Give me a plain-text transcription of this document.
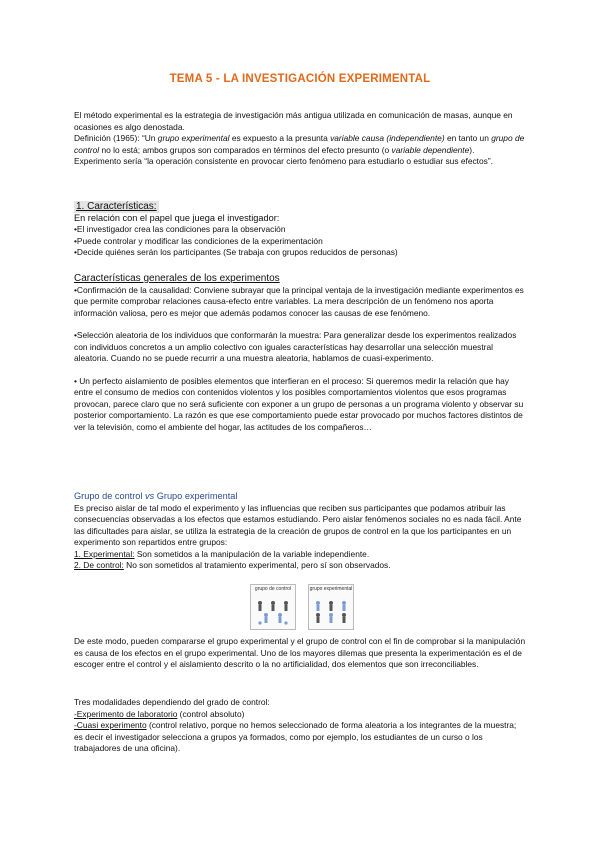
TEMA 5 - LA INVESTIGACIÓN EXPERIMENTAL

El método experimental es la estrategia de investigación más antigua utilizada en comunicación de masas, aunque en ocasiones es algo denostada.

Definición (1965): “Un grupo experimental es expuesto a la presunta variable causa (independiente) en tanto un grupo de control no lo está; ambos grupos son comparados en términos del efecto presunto (o variable dependiente).

Experimento sería “la operación consistente en provocar cierto fenómeno para estudiarlo o estudiar sus efectos”.

1. Características:

En relación con el papel que juega el investigador:

•El investigador crea las condiciones para la observación

•Puede controlar y modificar las condiciones de la experimentación

•Decide quiénes serán los participantes (Se trabaja con grupos reducidos de personas)

Características generales de los experimentos

•Confirmación de la causalidad: Conviene subrayar que la principal ventaja de la investigación mediante experimentos es que permite comprobar relaciones causa-efecto entre variables. La mera descripción de un fenómeno nos aporta información valiosa, pero es mejor que además podamos conocer las causas de ese fenómeno.

•Selección aleatoria de los individuos que conformarán la muestra: Para generalizar desde los experimentos realizados con individuos concretos a un amplio colectivo con iguales características hay desarrollar una selección muestral aleatoria. Cuando no se puede recurrir a una muestra aleatoria, hablamos de cuasi-experimento.

• Un perfecto aislamiento de posibles elementos que interfieran en el proceso: Si queremos medir la relación que hay entre el consumo de medios con contenidos violentos y los posibles comportamientos violentos que esos programas provocan, parece claro que no será suficiente con exponer a un grupo de personas a un programa violento y observar su posterior comportamiento. La razón es que ese comportamiento puede estar provocado por muchos factores distintos de ver la televisión, como el ambiente del hogar, las actitudes de los compañeros…

Grupo de control vs Grupo experimental

Es preciso aislar de tal modo el experimento y las influencias que reciben sus participantes que podamos atribuir las consecuencias observadas a los efectos que estamos estudiando. Pero aislar fenómenos sociales no es nada fácil. Ante las dificultades para aislar, se utiliza la estrategia de la creación de grupos de control en la que los participantes en un experimento son repartidos entre grupos:

1. Experimental: Son sometidos a la manipulación de la variable independiente.

2. De control: No son sometidos al tratamiento experimental, pero sí son observados.

grupo de control	grupo experimental

De este modo, pueden compararse el grupo experimental y el grupo de control con el fin de comprobar si la manipulación es causa de los efectos en el grupo experimental. Uno de los mayores dilemas que presenta la experimentación es el de escoger entre el control y el aislamiento descrito o la no artificialidad, dos elementos que son irreconciliables.

Tres modalidades dependiendo del grado de control:

-Experimento de laboratorio (control absoluto)

-Cuasi experimento (control relativo, porque no hemos seleccionado de forma aleatoria a los integrantes de la muestra; es decir el investigador selecciona a grupos ya formados, como por ejemplo, los estudiantes de un curso o los trabajadores de una oficina).
